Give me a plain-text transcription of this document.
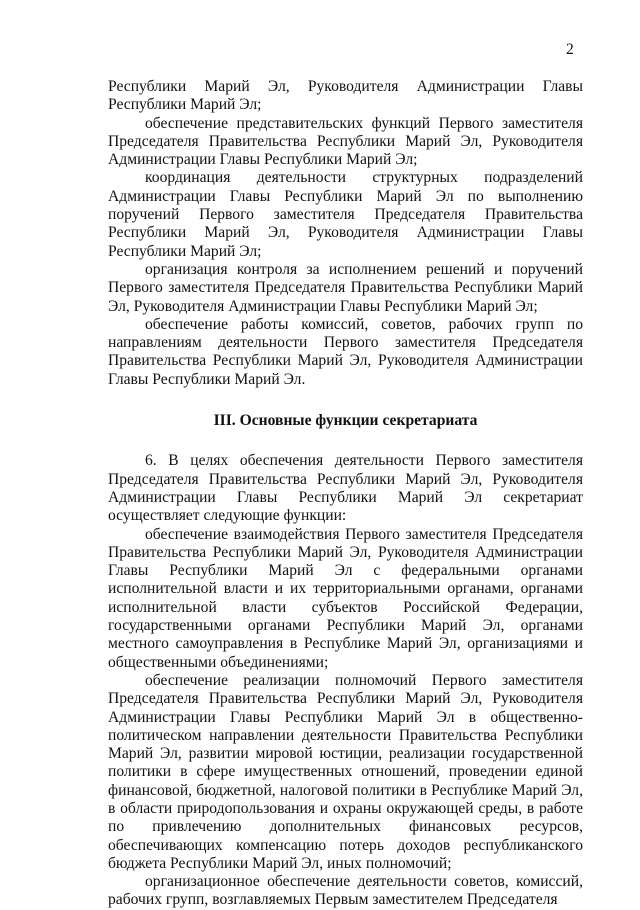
2

Республики Марий Эл, Руководителя Администрации Главы Республики Марий Эл;

обеспечение представительских функций Первого заместителя Председателя Правительства Республики Марий Эл, Руководителя Администрации Главы Республики Марий Эл;

координация деятельности структурных подразделений Администрации Главы Республики Марий Эл по выполнению поручений Первого заместителя Председателя Правительства Республики Марий Эл, Руководителя Администрации Главы Республики Марий Эл;

организация контроля за исполнением решений и поручений Первого заместителя Председателя Правительства Республики Марий Эл, Руководителя Администрации Главы Республики Марий Эл;

обеспечение работы комиссий, советов, рабочих групп по направлениям деятельности Первого заместителя Председателя Правительства Республики Марий Эл, Руководителя Администрации Главы Республики Марий Эл.

III. Основные функции секретариата

6. В целях обеспечения деятельности Первого заместителя Председателя Правительства Республики Марий Эл, Руководителя Администрации Главы Республики Марий Эл секретариат осуществляет следующие функции:

обеспечение взаимодействия Первого заместителя Председателя Правительства Республики Марий Эл, Руководителя Администрации Главы Республики Марий Эл с федеральными органами исполнительной власти и их территориальными органами, органами исполнительной власти субъектов Российской Федерации, государственными органами Республики Марий Эл, органами местного самоуправления в Республике Марий Эл, организациями и общественными объединениями;

обеспечение реализации полномочий Первого заместителя Председателя Правительства Республики Марий Эл, Руководителя Администрации Главы Республики Марий Эл в общественно-политическом направлении деятельности Правительства Республики Марий Эл, развитии мировой юстиции, реализации государственной политики в сфере имущественных отношений, проведении единой финансовой, бюджетной, налоговой политики в Республике Марий Эл, в области природопользования и охраны окружающей среды, в работе по привлечению дополнительных финансовых ресурсов, обеспечивающих компенсацию потерь доходов республиканского бюджета Республики Марий Эл, иных полномочий;

организационное обеспечение деятельности советов, комиссий, рабочих групп, возглавляемых Первым заместителем Председателя
